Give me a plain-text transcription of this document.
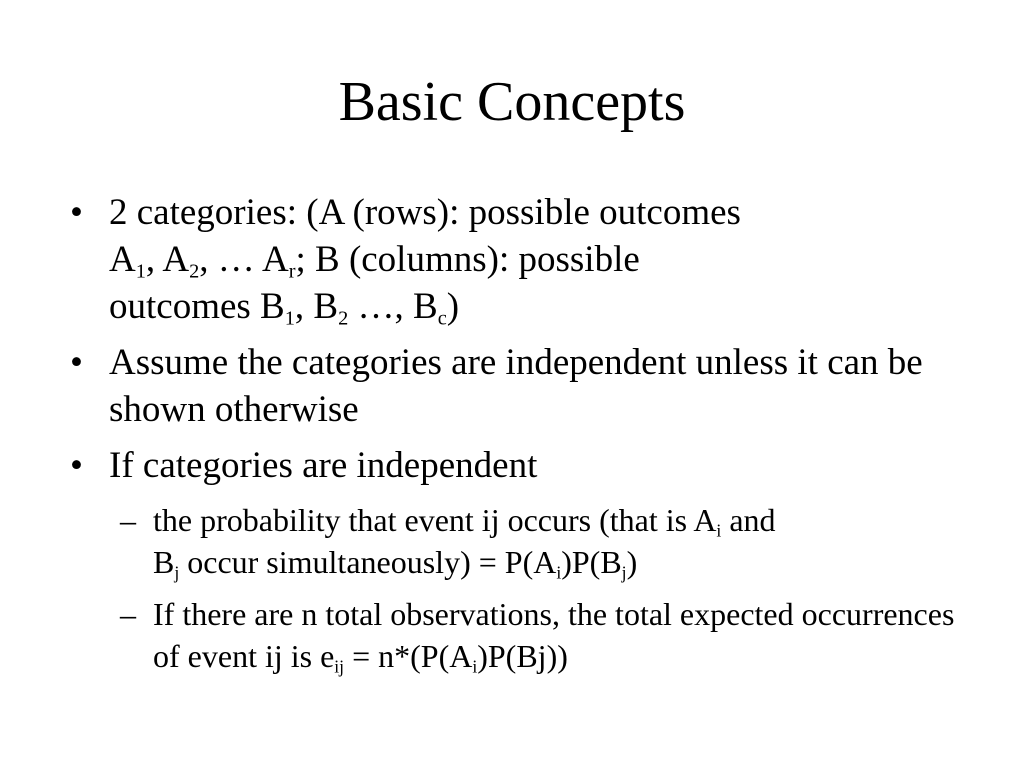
Basic Concepts
• 2 categories: (A (rows): possible outcomes
$A_1$, $A_2$, … $A_r$; B (columns): possible
outcomes $B_1$, $B_2$ …, $B_c$)
• Assume the categories are independent unless it can be shown otherwise
• If categories are independent
– the probability that event ij occurs (that is $A_i$ and
$B_j$ occur simultaneously) = $P(A_i)P(B_j)$
– If there are n total observations, the total expected occurrences of event ij is $e_{ij} = n*(P(A_i)P(Bj))$
